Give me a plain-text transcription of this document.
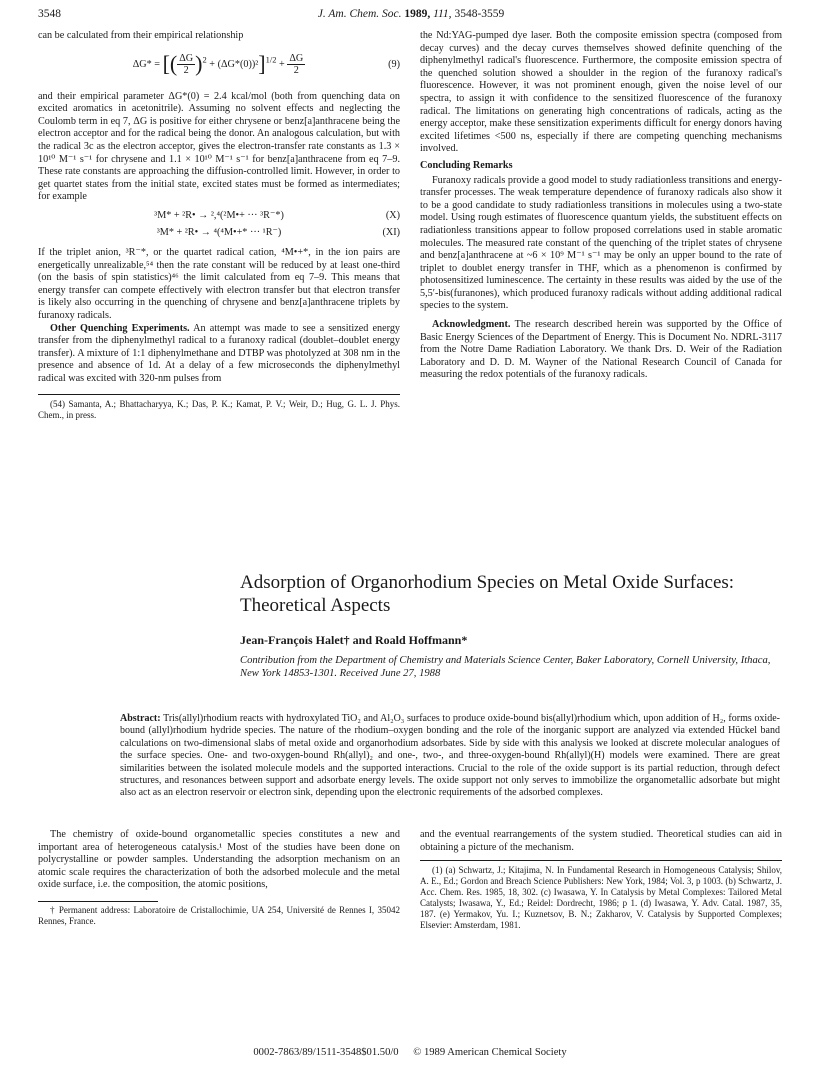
3548	J. Am. Chem. Soc. 1989, 111, 3548-3559

can be calculated from their empirical relationship

ΔG* = [( $\frac{\Delta G}{2} )^2 + (\Delta G*(0))^2]^{1/2} + \frac{\Delta G}{2}$	(9)

and their empirical parameter ΔG*(0) = 2.4 kcal/mol (both from quenching data on excited aromatics in acetonitrile). Assuming no solvent effects and neglecting the Coulomb term in eq 7, ΔG is positive for either chrysene or benz[a]anthracene being the electron acceptor and for the radical being the donor. An analogous calculation, but with the radical 3c as the electron acceptor, gives the electron-transfer rate constants as 1.3 × 10¹⁰ M⁻¹ s⁻¹ for chrysene and 1.1 × 10¹⁰ M⁻¹ s⁻¹ for benz[a]anthracene from eq 7–9. These rate constants are approaching the diffusion-controlled limit. However, in order to get quartet states from the initial state, excited states must be formed as intermediates; for example

³M* + ²R• → ²,⁴(²M•+ ··· ³R⁻*)	(X)
³M* + ²R• → ⁴(⁴M•+* ··· ¹R⁻)	(XI)

If the triplet anion, ³R⁻*, or the quartet radical cation, ⁴M•+*, in the ion pairs are energetically unrealizable,⁵⁴ then the rate constant will be reduced by at least one-third (on the basis of spin statistics)⁴⁶ the limit calculated from eq 7–9. This means that energy transfer can compete effectively with electron transfer but that electron transfer is likely also occurring in the quenching of chrysene and benz[a]anthracene triplets by furanoxy radicals.

Other Quenching Experiments. An attempt was made to see a sensitized energy transfer from the diphenylmethyl radical to a furanoxy radical (doublet–doublet energy transfer). A mixture of 1:1 diphenylmethane and DTBP was photolyzed at 308 nm in the presence and absence of 1d. At a delay of a few microseconds the diphenylmethyl radical was excited with 320-nm pulses from

(54) Samanta, A.; Bhattacharyya, K.; Das, P. K.; Kamat, P. V.; Weir, D.; Hug, G. L. J. Phys. Chem., in press.

the Nd:YAG-pumped dye laser. Both the composite emission spectra (composed from decay curves) and the decay curves themselves showed definite quenching of the diphenylmethyl radical's fluorescence. Furthermore, the composite emission spectra of the quenched solution showed a shoulder in the region of the furanoxy radical's fluorescence. However, it was not prominent enough, given the noise level of our spectra, to assign it with confidence to the sensitized fluorescence of the furanoxy radical. The limitations on generating high concentrations of radicals, acting as the energy acceptor, make these sensitization experiments difficult for energy donors having excited lifetimes <500 ns, especially if there are competing quenching mechanisms involved.

Concluding Remarks

Furanoxy radicals provide a good model to study radiationless transitions and energy-transfer processes. The weak temperature dependence of furanoxy radicals also show it to be a good candidate to study radiationless transitions in molecules using a two-state model. Using rough estimates of fluorescence quantum yields, the substituent effects on radiationless transitions appear to follow proposed correlations used in stable aromatic molecules. The measured rate constant of the quenching of the triplet states of chrysene and benz[a]anthracene at ~6 × 10⁹ M⁻¹ s⁻¹ may be only an upper bound to the rate of triplet to doublet energy transfer in THF, which as a phenomenon is confirmed by photosensitized luminescence. The certainty in these results was aided by the use of the 5,5′-bis(furanones), which produced furanoxy radicals without adding additional radical species to the system.

Acknowledgment. The research described herein was supported by the Office of Basic Energy Sciences of the Department of Energy. This is Document No. NDRL-3117 from the Notre Dame Radiation Laboratory. We thank Drs. D. Weir of the Radiation Laboratory and D. D. M. Wayner of the National Research Council of Canada for measuring the redox potentials of the furanoxy radicals.

Adsorption of Organorhodium Species on Metal Oxide Surfaces: Theoretical Aspects
Jean-François Halet† and Roald Hoffmann*
Contribution from the Department of Chemistry and Materials Science Center, Baker Laboratory, Cornell University, Ithaca, New York 14853-1301. Received June 27, 1988
Abstract: Tris(allyl)rhodium reacts with hydroxylated TiO₂ and Al₂O₃ surfaces to produce oxide-bound bis(allyl)rhodium which, upon addition of H₂, forms oxide-bound (allyl)rhodium hydride species. The nature of the rhodium–oxygen bonding and the role of the inorganic support are analyzed via extended Hückel band calculations on two-dimensional slabs of metal oxide and organorhodium adsorbates. Side by side with this analysis we looked at discrete molecular analogues of the surface species. One- and two-oxygen-bound Rh(allyl)₂ and one-, two-, and three-oxygen-bound Rh(allyl)(H) models were examined. There are great similarities between the isolated molecule models and the supported interactions. Crucial to the role of the oxide support is its partial reduction, through defect structures, and resonances between support and adsorbate energy levels. The oxide support not only serves to immobilize the organometallic adsorbate but might also act as an electron reservoir or electron sink, depending upon the electronic requirements of the adsorbed complexes.

The chemistry of oxide-bound organometallic species constitutes a new and important area of heterogeneous catalysis.¹ Most of the studies have been done on polycrystalline or powder samples. Understanding the adsorption mechanism on an atomic scale requires the characterization of both the adsorbed molecule and the metal oxide surface, i.e. the composition, the atomic positions,

† Permanent address: Laboratoire de Cristallochimie, UA 254, Université de Rennes I, 35042 Rennes, France.

and the eventual rearrangements of the system studied. Theoretical studies can aid in obtaining a picture of the mechanism.

(1) (a) Schwartz, J.; Kitajima, N. In Fundamental Research in Homogeneous Catalysis; Shilov, A. E., Ed.; Gordon and Breach Science Publishers: New York, 1984; Vol. 3, p 1003. (b) Schwartz, J. Acc. Chem. Res. 1985, 18, 302. (c) Iwasawa, Y. In Catalysis by Metal Complexes: Tailored Metal Catalysts; Iwasawa, Y., Ed.; Reidel: Dordrecht, 1986; p 1. (d) Iwasawa, Y. Adv. Catal. 1987, 35, 187. (e) Yermakov, Yu. I.; Kuznetsov, B. N.; Zakharov, V. Catalysis by Supported Complexes; Elsevier: Amsterdam, 1981.

0002-7863/89/1511-3548$01.50/0 © 1989 American Chemical Society
